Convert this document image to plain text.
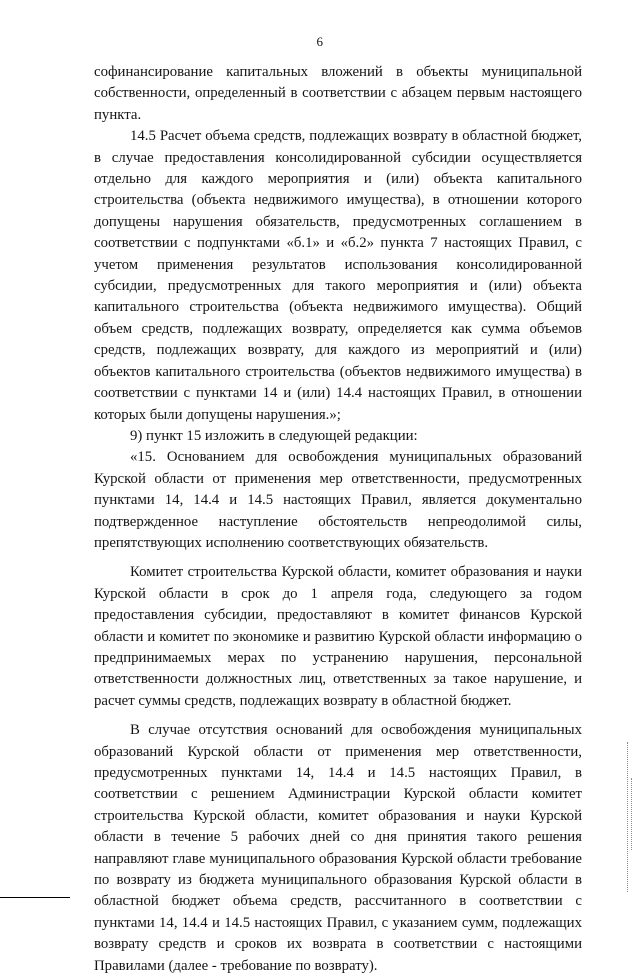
6

софинансирование капитальных вложений в объекты муниципальной собственности, определенный в соответствии с абзацем первым настоящего пункта.

14.5 Расчет объема средств, подлежащих возврату в областной бюджет, в случае предоставления консолидированной субсидии осуществляется отдельно для каждого мероприятия и (или) объекта капитального строительства (объекта недвижимого имущества), в отношении которого допущены нарушения обязательств, предусмотренных соглашением в соответствии с подпунктами «б.1» и «б.2» пункта 7 настоящих Правил, с учетом применения результатов использования консолидированной субсидии, предусмотренных для такого мероприятия и (или) объекта капитального строительства (объекта недвижимого имущества). Общий объем средств, подлежащих возврату, определяется как сумма объемов средств, подлежащих возврату, для каждого из мероприятий и (или) объектов капитального строительства (объектов недвижимого имущества) в соответствии с пунктами 14 и (или) 14.4 настоящих Правил, в отношении которых были допущены нарушения.»;

9) пункт 15 изложить в следующей редакции:

«15. Основанием для освобождения муниципальных образований Курской области от применения мер ответственности, предусмотренных пунктами 14, 14.4 и 14.5 настоящих Правил, является документально подтвержденное наступление обстоятельств непреодолимой силы, препятствующих исполнению соответствующих обязательств.

Комитет строительства Курской области, комитет образования и науки Курской области в срок до 1 апреля года, следующего за годом предоставления субсидии, предоставляют в комитет финансов Курской области и комитет по экономике и развитию Курской области информацию о предпринимаемых мерах по устранению нарушения, персональной ответственности должностных лиц, ответственных за такое нарушение, и расчет суммы средств, подлежащих возврату в областной бюджет.

В случае отсутствия оснований для освобождения муниципальных образований Курской области от применения мер ответственности, предусмотренных пунктами 14, 14.4 и 14.5 настоящих Правил, в соответствии с решением Администрации Курской области комитет строительства Курской области, комитет образования и науки Курской области в течение 5 рабочих дней со дня принятия такого решения направляют главе муниципального образования Курской области требование по возврату из бюджета муниципального образования Курской области в областной бюджет объема средств, рассчитанного в соответствии с пунктами 14, 14.4 и 14.5 настоящих Правил, с указанием сумм, подлежащих возврату средств и сроков их возврата в соответствии с настоящими Правилами (далее - требование по возврату).
